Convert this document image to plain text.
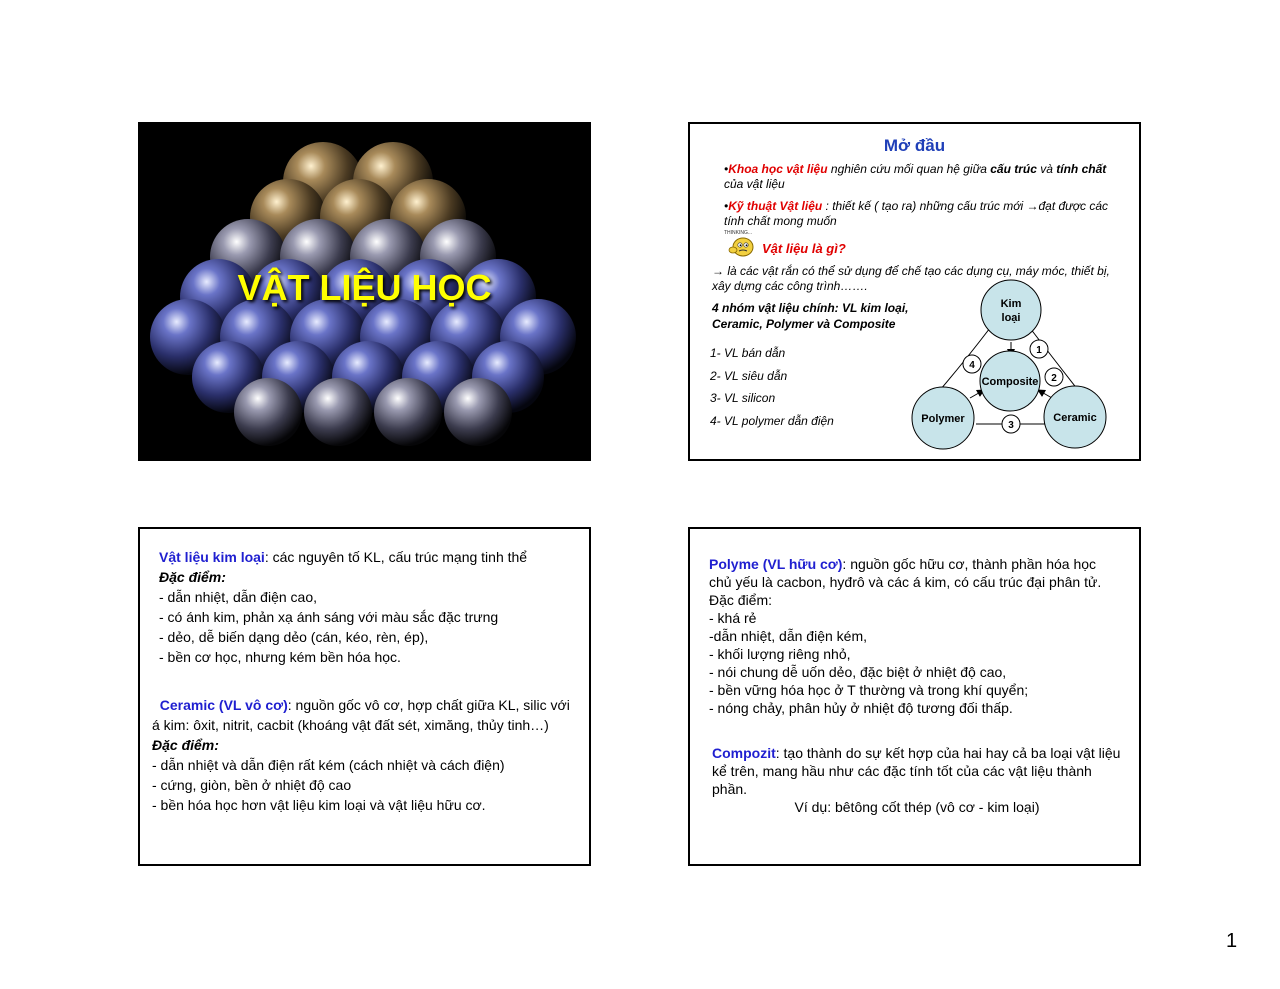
VẬT LIỆU HỌC
Mở đầu
•Khoa học vật liệu nghiên cứu mối quan hệ giữa cấu trúc và tính chất của vật liệu
•Kỹ thuật Vật liệu : thiết kế ( tạo ra) những cấu trúc mới →đạt được các tính chất mong muốn
THINKING...
Vật liệu là gì?
→ là các vật rắn có thể sử dụng để chế tạo các dụng cụ, máy móc, thiết bị, xây dựng các công trình…….
4 nhóm vật liệu chính: VL kim loại, Ceramic, Polymer và Composite
1- VL bán dẫn
2- VL siêu dẫn
3- VL silicon
4- VL polymer dẫn điện
Kim
loại
Composite
Polymer	Ceramic
1
2
3
4
Vật liệu kim loại: các nguyên tố KL, cấu trúc mạng tinh thể
Đặc điểm:
- dẫn nhiệt, dẫn điện cao,
- có ánh kim, phản xạ ánh sáng với màu sắc đặc trưng
- dẻo, dễ biến dạng dẻo (cán, kéo, rèn, ép),
- bền cơ học, nhưng kém bền hóa học.
Ceramic (VL vô cơ): nguồn gốc vô cơ, hợp chất giữa KL, silic với á kim: ôxit, nitrit, cacbit (khoáng vật đất sét, ximăng, thủy tinh…)
Đặc điểm:
- dẫn nhiệt và dẫn điện rất kém (cách nhiệt và cách điện)
- cứng, giòn, bền ở nhiệt độ cao
- bền hóa học hơn vật liệu kim loại và vật liệu hữu cơ.
Polyme (VL hữu cơ): nguồn gốc hữu cơ, thành phần hóa học chủ yếu là cacbon, hyđrô và các á kim, có cấu trúc đại phân tử.
Đặc điểm:
- khá rẻ
-dẫn nhiệt, dẫn điện kém,
- khối lượng riêng nhỏ,
- nói chung dễ uốn dẻo, đặc biệt ở nhiệt độ cao,
- bền vững hóa học ở T thường và trong khí quyển;
- nóng chảy, phân hủy ở nhiệt độ tương đối thấp.
Compozit: tạo thành do sự kết hợp của hai hay cả ba loại vật liệu kể trên, mang hầu như các đặc tính tốt của các vật liệu thành phần.
Ví dụ: bêtông cốt thép (vô cơ - kim loại)
1
